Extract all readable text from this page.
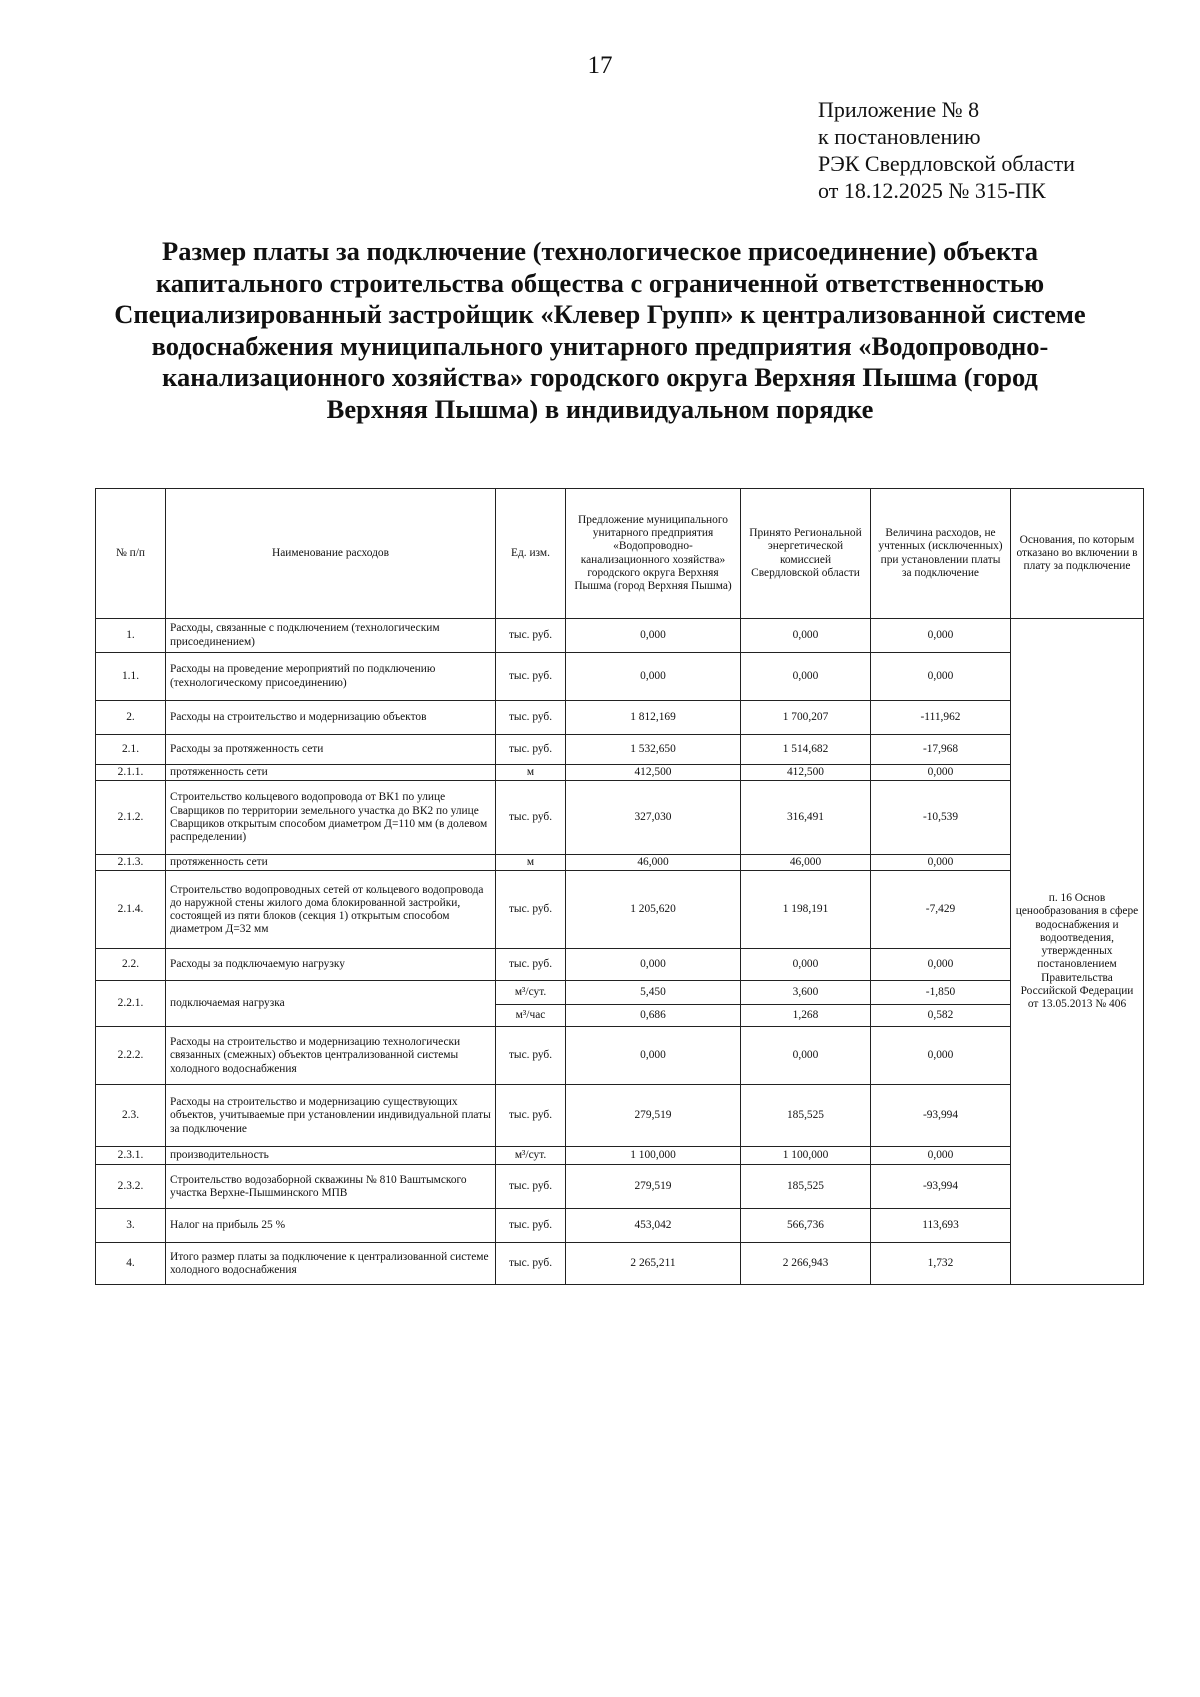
17
Приложение № 8
к постановлению
РЭК Свердловской области
от 18.12.2025 № 315-ПК
Размер платы за подключение (технологическое присоединение) объекта
капитального строительства общества с ограниченной ответственностью
Специализированный застройщик «Клевер Групп» к централизованной системе
водоснабжения муниципального унитарного предприятия «Водопроводно-
канализационного хозяйства» городского округа Верхняя Пышма (город
Верхняя Пышма) в индивидуальном порядке
№ п/п	Наименование расходов	Ед. изм.	Предложение муниципального унитарного предприятия «Водопроводно-канализационного хозяйства» городского округа Верхняя Пышма (город Верхняя Пышма)	Принято Региональной энергетической комиссией Свердловской области	Величина расходов, не учтенных (исключенных) при установлении платы за подключение	Основания, по которым отказано во включении в плату за подключение
1.	Расходы, связанные с подключением (технологическим присоединением)	тыс. руб.	0,000	0,000	0,000	п. 16 Основ ценообразования в сфере водоснабжения и водоотведения, утвержденных постановлением Правительства Российской Федерации от 13.05.2013 № 406
1.1.	Расходы на проведение мероприятий по подключению (технологическому присоединению)	тыс. руб.	0,000	0,000	0,000	
2.	Расходы на строительство и модернизацию объектов	тыс. руб.	1 812,169	1 700,207	-111,962	
2.1.	Расходы за протяженность сети	тыс. руб.	1 532,650	1 514,682	-17,968	
2.1.1.	протяженность сети	м	412,500	412,500	0,000	
2.1.2.	Строительство кольцевого водопровода от ВК1 по улице Сварщиков по территории земельного участка до ВК2 по улице Сварщиков открытым способом диаметром Д=110 мм (в долевом распределении)	тыс. руб.	327,030	316,491	-10,539	
2.1.3.	протяженность сети	м	46,000	46,000	0,000	
2.1.4.	Строительство водопроводных сетей от кольцевого водопровода до наружной стены жилого дома блокированной застройки, состоящей из пяти блоков (секция 1) открытым способом диаметром Д=32 мм	тыс. руб.	1 205,620	1 198,191	-7,429	
2.2.	Расходы за подключаемую нагрузку	тыс. руб.	0,000	0,000	0,000	
2.2.1.	подключаемая нагрузка	м³/сут.	5,450	3,600	-1,850	
		м³/час	0,686	1,268	0,582	
2.2.2.	Расходы на строительство и модернизацию технологически связанных (смежных) объектов централизованной системы холодного водоснабжения	тыс. руб.	0,000	0,000	0,000	
2.3.	Расходы на строительство и модернизацию существующих объектов, учитываемые при установлении индивидуальной платы за подключение	тыс. руб.	279,519	185,525	-93,994	
2.3.1.	производительность	м³/сут.	1 100,000	1 100,000	0,000	
2.3.2.	Строительство водозаборной скважины № 810 Ваштымского участка Верхне-Пышминского МПВ	тыс. руб.	279,519	185,525	-93,994	
3.	Налог на прибыль 25 %	тыс. руб.	453,042	566,736	113,693	
4.	Итого размер платы за подключение к централизованной системе холодного водоснабжения	тыс. руб.	2 265,211	2 266,943	1,732	
